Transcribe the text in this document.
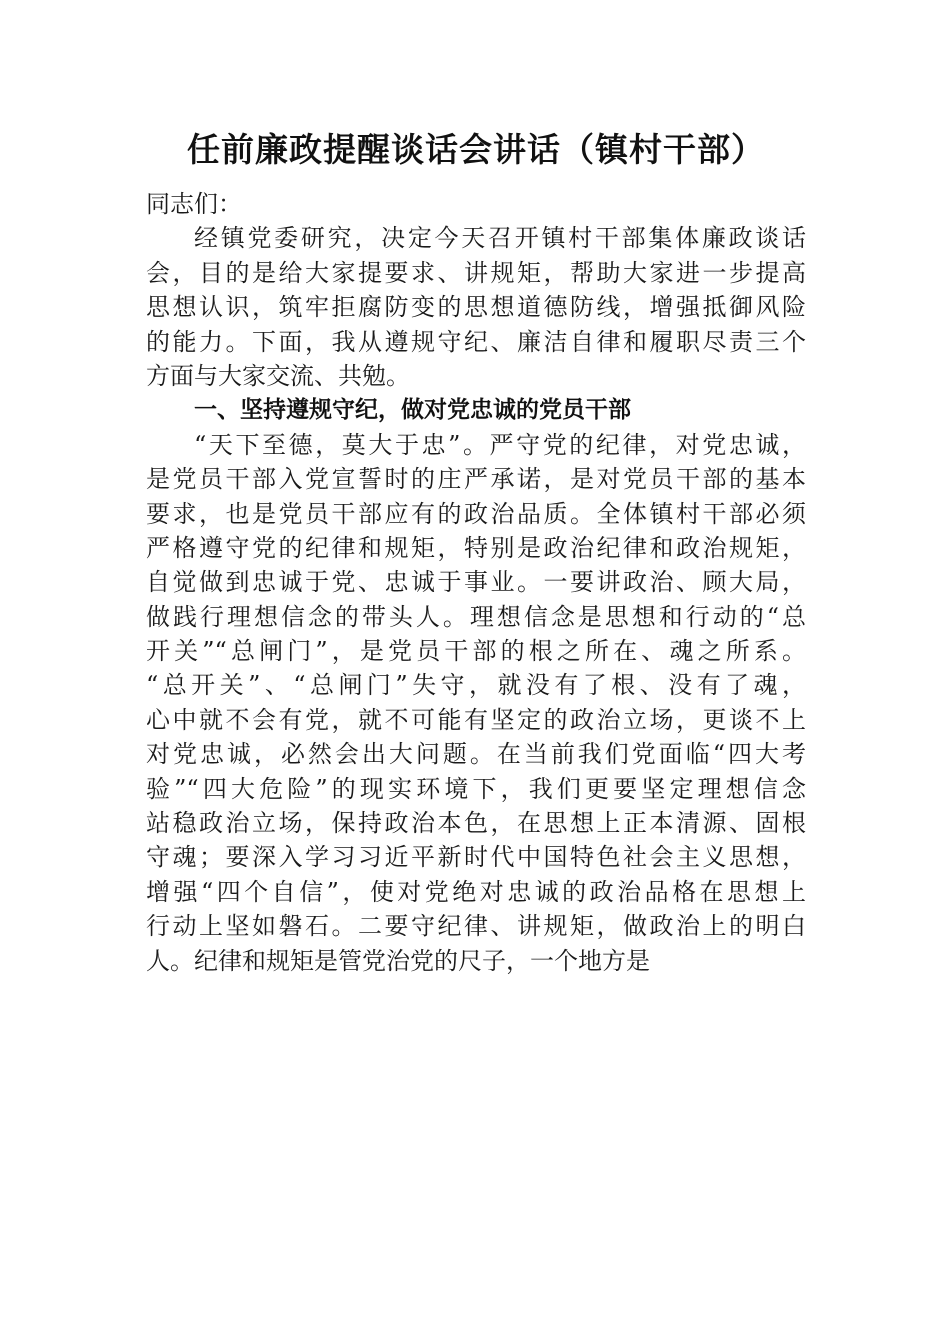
任前廉政提醒谈话会讲话（镇村干部）
同志们：
经镇党委研究，决定今天召开镇村干部集体廉政谈话
会，目的是给大家提要求、讲规矩，帮助大家进一步提高
思想认识，筑牢拒腐防变的思想道德防线，增强抵御风险
的能力。下面，我从遵规守纪、廉洁自律和履职尽责三个
方面与大家交流、共勉。
一、坚持遵规守纪，做对党忠诚的党员干部
“天下至德，莫大于忠”。严守党的纪律，对党忠诚，
是党员干部入党宣誓时的庄严承诺，是对党员干部的基本
要求，也是党员干部应有的政治品质。全体镇村干部必须
严格遵守党的纪律和规矩，特别是政治纪律和政治规矩，
自觉做到忠诚于党、忠诚于事业。一要讲政治、顾大局，
做践行理想信念的带头人。理想信念是思想和行动的“总
开关”“总闸门”，是党员干部的根之所在、魂之所系。
“总开关”、“总闸门”失守，就没有了根、没有了魂，
心中就不会有党，就不可能有坚定的政治立场，更谈不上
对党忠诚，必然会出大问题。在当前我们党面临“四大考
验”“四大危险”的现实环境下，我们更要坚定理想信念
站稳政治立场，保持政治本色，在思想上正本清源、固根
守魂；要深入学习习近平新时代中国特色社会主义思想，
增强“四个自信”，使对党绝对忠诚的政治品格在思想上
行动上坚如磐石。二要守纪律、讲规矩，做政治上的明白
人。纪律和规矩是管党治党的尺子，一个地方是
